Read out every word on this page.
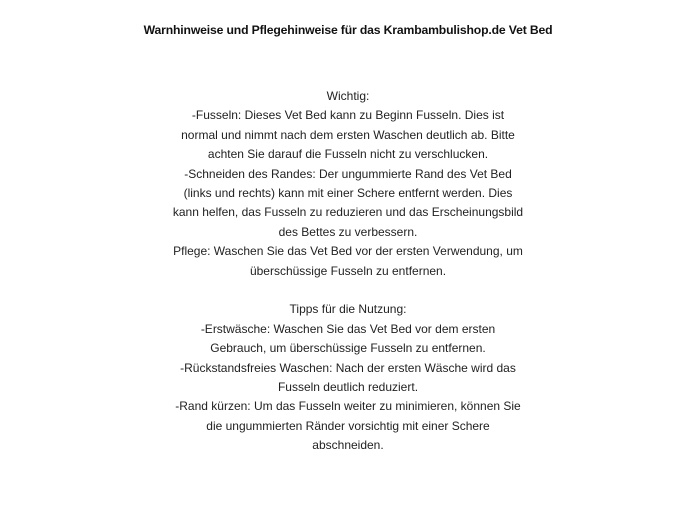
Warnhinweise und Pflegehinweise für das Krambambulishop.de Vet Bed
Wichtig:
-Fusseln: Dieses Vet Bed kann zu Beginn Fusseln. Dies ist
normal und nimmt nach dem ersten Waschen deutlich ab. Bitte
achten Sie darauf die Fusseln nicht zu verschlucken.
-Schneiden des Randes: Der ungummierte Rand des Vet Bed
(links und rechts) kann mit einer Schere entfernt werden. Dies
kann helfen, das Fusseln zu reduzieren und das Erscheinungsbild
des Bettes zu verbessern.
Pflege: Waschen Sie das Vet Bed vor der ersten Verwendung, um
überschüssige Fusseln zu entfernen.
Tipps für die Nutzung:
-Erstwäsche: Waschen Sie das Vet Bed vor dem ersten
Gebrauch, um überschüssige Fusseln zu entfernen.
-Rückstandsfreies Waschen: Nach der ersten Wäsche wird das
Fusseln deutlich reduziert.
-Rand kürzen: Um das Fusseln weiter zu minimieren, können Sie
die ungummierten Ränder vorsichtig mit einer Schere
abschneiden.
